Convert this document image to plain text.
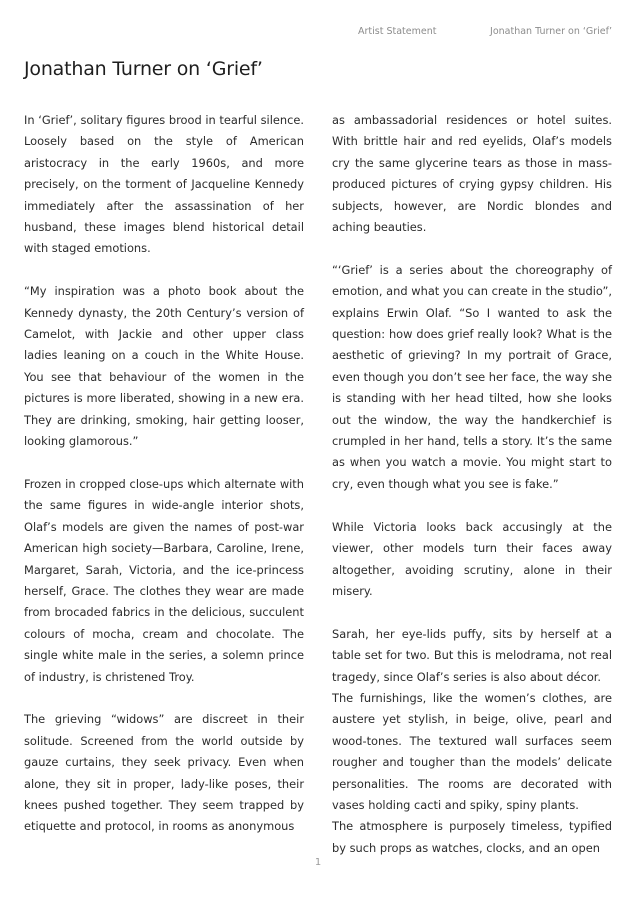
Artist Statement	Jonathan Turner on ‘Grief’
Jonathan Turner on ‘Grief’

In ‘Grief’, solitary figures brood in tearful silence. Loosely based on the style of American aristocracy in the early 1960s, and more precisely, on the torment of Jacqueline Kennedy immediately after the assassination of her husband, these images blend historical detail with staged emotions.

“My inspiration was a photo book about the Kennedy dynasty, the 20th Century’s version of Camelot, with Jackie and other upper class ladies leaning on a couch in the White House. You see that behaviour of the women in the pictures is more liberated, showing in a new era. They are drinking, smoking, hair getting looser, looking glamorous.”

Frozen in cropped close-ups which alternate with the same figures in wide-angle interior shots, Olaf’s models are given the names of post-war American high society—Barbara, Caroline, Irene, Margaret, Sarah, Victoria, and the ice-princess herself, Grace. The clothes they wear are made from brocaded fabrics in the delicious, succulent colours of mocha, cream and chocolate. The single white male in the series, a solemn prince of industry, is christened Troy.

The grieving “widows” are discreet in their solitude. Screened from the world outside by gauze curtains, they seek privacy. Even when alone, they sit in proper, lady-like poses, their knees pushed together. They seem trapped by etiquette and protocol, in rooms as anonymous

as ambassadorial residences or hotel suites. With brittle hair and red eyelids, Olaf’s models cry the same glycerine tears as those in mass-produced pictures of crying gypsy children. His subjects, however, are Nordic blondes and aching beauties.

“‘Grief’ is a series about the choreography of emotion, and what you can create in the studio”, explains Erwin Olaf. “So I wanted to ask the question: how does grief really look? What is the aesthetic of grieving? In my portrait of Grace, even though you don’t see her face, the way she is standing with her head tilted, how she looks out the window, the way the handkerchief is crumpled in her hand, tells a story. It’s the same as when you watch a movie. You might start to cry, even though what you see is fake.”

While Victoria looks back accusingly at the viewer, other models turn their faces away altogether, avoiding scrutiny, alone in their misery.

Sarah, her eye-lids puffy, sits by herself at a table set for two. But this is melodrama, not real tragedy, since Olaf’s series is also about décor.

The furnishings, like the women’s clothes, are austere yet stylish, in beige, olive, pearl and wood-tones. The textured wall surfaces seem rougher and tougher than the models’ delicate personalities. The rooms are decorated with vases holding cacti and spiky, spiny plants.

The atmosphere is purposely timeless, typified by such props as watches, clocks, and an open

1
